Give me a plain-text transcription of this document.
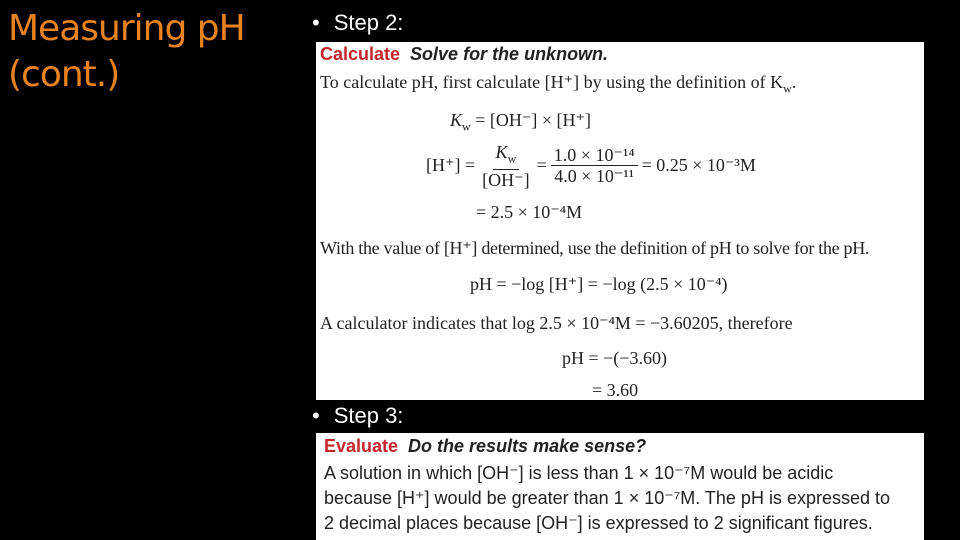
Measuring pH
(cont.)
• Step 2:
Calculate Solve for the unknown.
To calculate pH, first calculate [H⁺] by using the definition of $K_w$.
$K_w = [OH^-] \times [H^+]$
$[H^+] = \frac{K_w}{[OH^-]} = \frac{\text{1.0 × 10⁻¹⁴}}{\text{4.0 × 10⁻¹¹}} = 0.25 \times 10^{-3}M$
= 2.5 × 10⁻⁴M
With the value of [H⁺] determined, use the definition of pH to solve for the pH.
pH = −log [H⁺] = −log (2.5 × 10⁻⁴)
A calculator indicates that log 2.5 × 10⁻⁴M = −3.60205, therefore
pH = −(−3.60)
= 3.60
• Step 3:
Evaluate Do the results make sense?
A solution in which [OH⁻] is less than 1 × 10⁻⁷M would be acidic
because [H⁺] would be greater than 1 × 10⁻⁷M. The pH is expressed to
2 decimal places because [OH⁻] is expressed to 2 significant figures.
